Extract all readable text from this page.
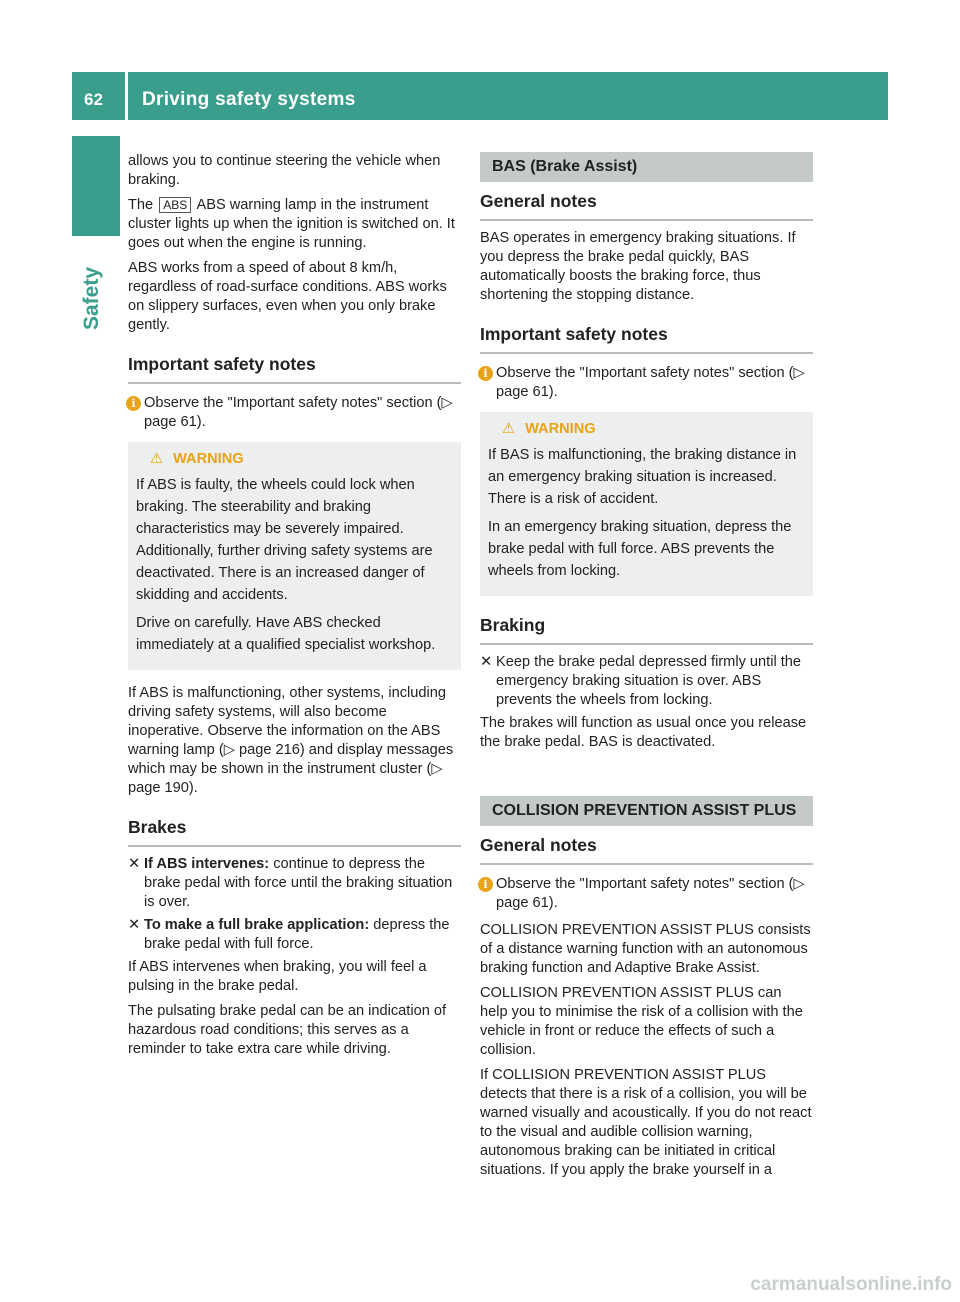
62	Driving safety systems
Safety

allows you to continue steering the vehicle when braking.

The ABS ABS warning lamp in the instrument cluster lights up when the ignition is switched on. It goes out when the engine is running.

ABS works from a speed of about 8 km/h, regardless of road-surface conditions. ABS works on slippery surfaces, even when you only brake gently.

Important safety notes
i Observe the "Important safety notes" section (▷ page 61).
⚠ WARNING

If ABS is faulty, the wheels could lock when braking. The steerability and braking characteristics may be severely impaired. Additionally, further driving safety systems are deactivated. There is an increased danger of skidding and accidents.

Drive on carefully. Have ABS checked immediately at a qualified specialist workshop.

If ABS is malfunctioning, other systems, including driving safety systems, will also become inoperative. Observe the information on the ABS warning lamp (▷ page 216) and display messages which may be shown in the instrument cluster (▷ page 190).

Brakes
✕ If ABS intervenes: continue to depress the brake pedal with force until the braking situation is over.
✕ To make a full brake application: depress the brake pedal with full force.

If ABS intervenes when braking, you will feel a pulsing in the brake pedal.

The pulsating brake pedal can be an indication of hazardous road conditions; this serves as a reminder to take extra care while driving.

BAS (Brake Assist)
General notes

BAS operates in emergency braking situations. If you depress the brake pedal quickly, BAS automatically boosts the braking force, thus shortening the stopping distance.

Important safety notes
i Observe the "Important safety notes" section (▷ page 61).
⚠ WARNING

If BAS is malfunctioning, the braking distance in an emergency braking situation is increased. There is a risk of accident.

In an emergency braking situation, depress the brake pedal with full force. ABS prevents the wheels from locking.

Braking
✕ Keep the brake pedal depressed firmly until the emergency braking situation is over. ABS prevents the wheels from locking.

The brakes will function as usual once you release the brake pedal. BAS is deactivated.

COLLISION PREVENTION ASSIST PLUS
General notes
i Observe the "Important safety notes" section (▷ page 61).

COLLISION PREVENTION ASSIST PLUS consists of a distance warning function with an autonomous braking function and Adaptive Brake Assist.

COLLISION PREVENTION ASSIST PLUS can help you to minimise the risk of a collision with the vehicle in front or reduce the effects of such a collision.

If COLLISION PREVENTION ASSIST PLUS detects that there is a risk of a collision, you will be warned visually and acoustically. If you do not react to the visual and audible collision warning, autonomous braking can be initiated in critical situations. If you apply the brake yourself in a

carmanualsonline.info
